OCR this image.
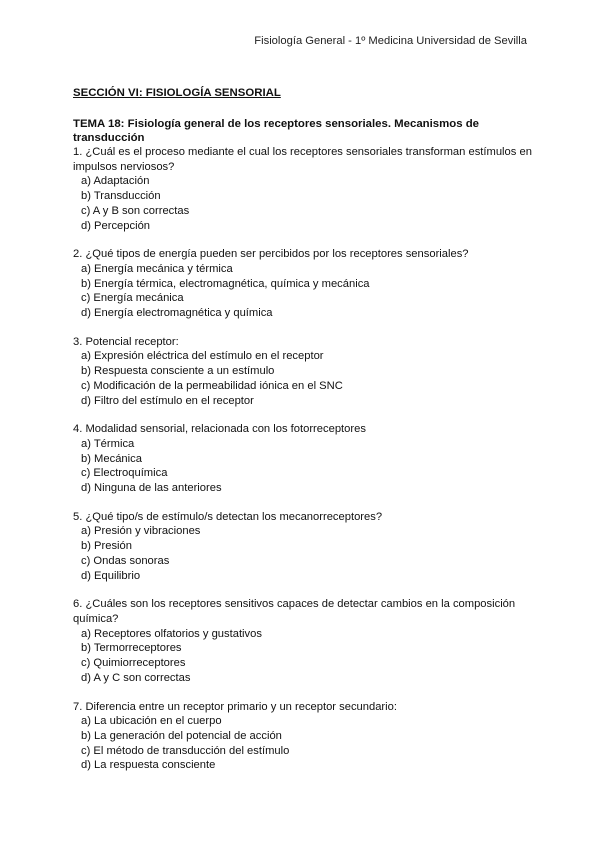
Fisiología General - 1º Medicina Universidad de Sevilla
SECCIÓN VI: FISIOLOGÍA SENSORIAL
TEMA 18: Fisiología general de los receptores sensoriales. Mecanismos de transducción
1. ¿Cuál es el proceso mediante el cual los receptores sensoriales transforman estímulos en impulsos nerviosos?
a) Adaptación
b) Transducción
c) A y B son correctas
d) Percepción
2. ¿Qué tipos de energía pueden ser percibidos por los receptores sensoriales?
a) Energía mecánica y térmica
b) Energía térmica, electromagnética, química y mecánica
c) Energía mecánica
d) Energía electromagnética y química
3. Potencial receptor:
a) Expresión eléctrica del estímulo en el receptor
b) Respuesta consciente a un estímulo
c) Modificación de la permeabilidad iónica en el SNC
d) Filtro del estímulo en el receptor
4. Modalidad sensorial, relacionada con los fotorreceptores
a) Térmica
b) Mecánica
c) Electroquímica
d) Ninguna de las anteriores
5. ¿Qué tipo/s de estímulo/s detectan los mecanorreceptores?
a) Presión y vibraciones
b) Presión
c) Ondas sonoras
d) Equilibrio
6. ¿Cuáles son los receptores sensitivos capaces de detectar cambios en la composición química?
a) Receptores olfatorios y gustativos
b) Termorreceptores
c) Quimiorreceptores
d) A y C son correctas
7. Diferencia entre un receptor primario y un receptor secundario:
a) La ubicación en el cuerpo
b) La generación del potencial de acción
c) El método de transducción del estímulo
d) La respuesta consciente
